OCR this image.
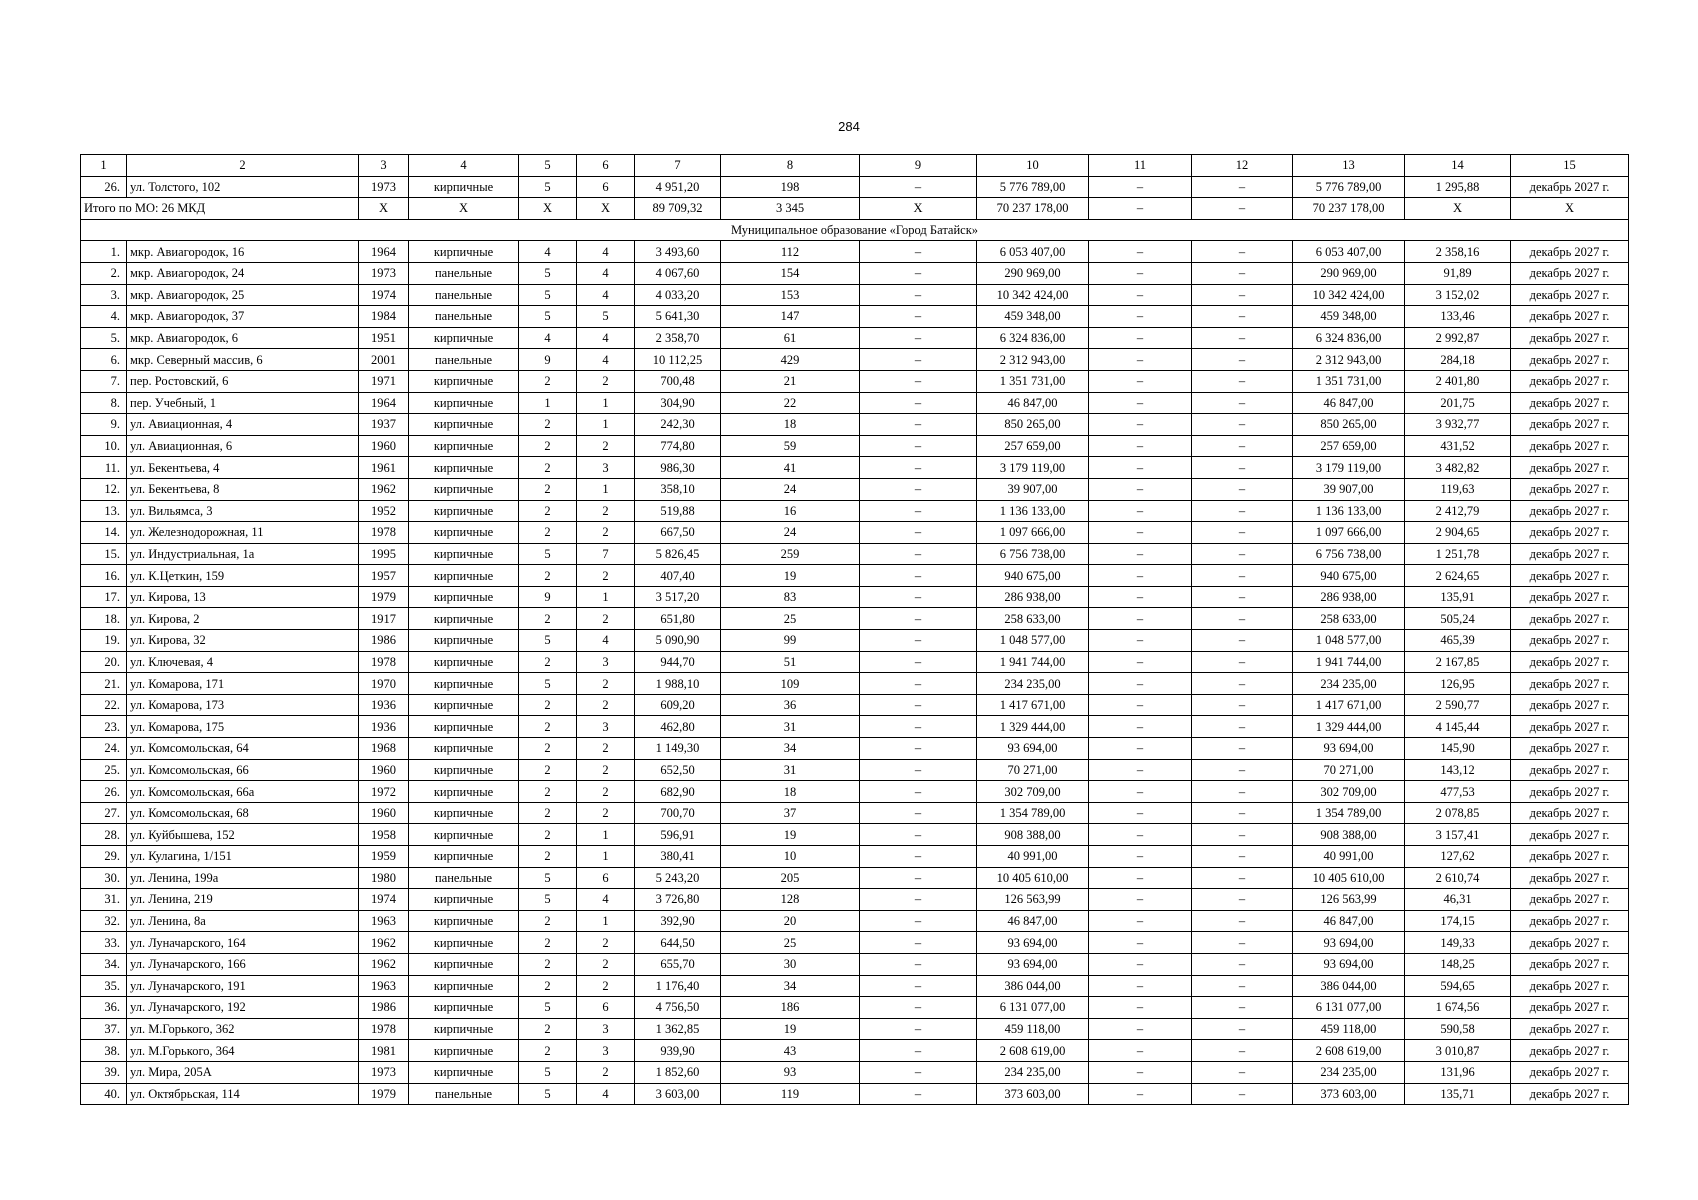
284
1	2	3	4	5	6	7	8	9	10	11	12	13	14	15
26.	ул. Толстого, 102	1973	кирпичные	5	6	4 951,20	198	–	5 776 789,00	–	–	5 776 789,00	1 295,88	декабрь 2027 г.
Итого по МО: 26 МКД		X	X	X	X	89 709,32	3 345	X	70 237 178,00	–	–	70 237 178,00	X	X
Муниципальное образование «Город Батайск»														
1.	мкр. Авиагородок, 16	1964	кирпичные	4	4	3 493,60	112	–	6 053 407,00	–	–	6 053 407,00	2 358,16	декабрь 2027 г.
2.	мкр. Авиагородок, 24	1973	панельные	5	4	4 067,60	154	–	290 969,00	–	–	290 969,00	91,89	декабрь 2027 г.
3.	мкр. Авиагородок, 25	1974	панельные	5	4	4 033,20	153	–	10 342 424,00	–	–	10 342 424,00	3 152,02	декабрь 2027 г.
4.	мкр. Авиагородок, 37	1984	панельные	5	5	5 641,30	147	–	459 348,00	–	–	459 348,00	133,46	декабрь 2027 г.
5.	мкр. Авиагородок, 6	1951	кирпичные	4	4	2 358,70	61	–	6 324 836,00	–	–	6 324 836,00	2 992,87	декабрь 2027 г.
6.	мкр. Северный массив, 6	2001	панельные	9	4	10 112,25	429	–	2 312 943,00	–	–	2 312 943,00	284,18	декабрь 2027 г.
7.	пер. Ростовский, 6	1971	кирпичные	2	2	700,48	21	–	1 351 731,00	–	–	1 351 731,00	2 401,80	декабрь 2027 г.
8.	пер. Учебный, 1	1964	кирпичные	1	1	304,90	22	–	46 847,00	–	–	46 847,00	201,75	декабрь 2027 г.
9.	ул. Авиационная, 4	1937	кирпичные	2	1	242,30	18	–	850 265,00	–	–	850 265,00	3 932,77	декабрь 2027 г.
10.	ул. Авиационная, 6	1960	кирпичные	2	2	774,80	59	–	257 659,00	–	–	257 659,00	431,52	декабрь 2027 г.
11.	ул. Бекентьева, 4	1961	кирпичные	2	3	986,30	41	–	3 179 119,00	–	–	3 179 119,00	3 482,82	декабрь 2027 г.
12.	ул. Бекентьева, 8	1962	кирпичные	2	1	358,10	24	–	39 907,00	–	–	39 907,00	119,63	декабрь 2027 г.
13.	ул. Вильямса, 3	1952	кирпичные	2	2	519,88	16	–	1 136 133,00	–	–	1 136 133,00	2 412,79	декабрь 2027 г.
14.	ул. Железнодорожная, 11	1978	кирпичные	2	2	667,50	24	–	1 097 666,00	–	–	1 097 666,00	2 904,65	декабрь 2027 г.
15.	ул. Индустриальная, 1а	1995	кирпичные	5	7	5 826,45	259	–	6 756 738,00	–	–	6 756 738,00	1 251,78	декабрь 2027 г.
16.	ул. К.Цеткин, 159	1957	кирпичные	2	2	407,40	19	–	940 675,00	–	–	940 675,00	2 624,65	декабрь 2027 г.
17.	ул. Кирова, 13	1979	кирпичные	9	1	3 517,20	83	–	286 938,00	–	–	286 938,00	135,91	декабрь 2027 г.
18.	ул. Кирова, 2	1917	кирпичные	2	2	651,80	25	–	258 633,00	–	–	258 633,00	505,24	декабрь 2027 г.
19.	ул. Кирова, 32	1986	кирпичные	5	4	5 090,90	99	–	1 048 577,00	–	–	1 048 577,00	465,39	декабрь 2027 г.
20.	ул. Ключевая, 4	1978	кирпичные	2	3	944,70	51	–	1 941 744,00	–	–	1 941 744,00	2 167,85	декабрь 2027 г.
21.	ул. Комарова, 171	1970	кирпичные	5	2	1 988,10	109	–	234 235,00	–	–	234 235,00	126,95	декабрь 2027 г.
22.	ул. Комарова, 173	1936	кирпичные	2	2	609,20	36	–	1 417 671,00	–	–	1 417 671,00	2 590,77	декабрь 2027 г.
23.	ул. Комарова, 175	1936	кирпичные	2	3	462,80	31	–	1 329 444,00	–	–	1 329 444,00	4 145,44	декабрь 2027 г.
24.	ул. Комсомольская, 64	1968	кирпичные	2	2	1 149,30	34	–	93 694,00	–	–	93 694,00	145,90	декабрь 2027 г.
25.	ул. Комсомольская, 66	1960	кирпичные	2	2	652,50	31	–	70 271,00	–	–	70 271,00	143,12	декабрь 2027 г.
26.	ул. Комсомольская, 66а	1972	кирпичные	2	2	682,90	18	–	302 709,00	–	–	302 709,00	477,53	декабрь 2027 г.
27.	ул. Комсомольская, 68	1960	кирпичные	2	2	700,70	37	–	1 354 789,00	–	–	1 354 789,00	2 078,85	декабрь 2027 г.
28.	ул. Куйбышева, 152	1958	кирпичные	2	1	596,91	19	–	908 388,00	–	–	908 388,00	3 157,41	декабрь 2027 г.
29.	ул. Кулагина, 1/151	1959	кирпичные	2	1	380,41	10	–	40 991,00	–	–	40 991,00	127,62	декабрь 2027 г.
30.	ул. Ленина, 199а	1980	панельные	5	6	5 243,20	205	–	10 405 610,00	–	–	10 405 610,00	2 610,74	декабрь 2027 г.
31.	ул. Ленина, 219	1974	кирпичные	5	4	3 726,80	128	–	126 563,99	–	–	126 563,99	46,31	декабрь 2027 г.
32.	ул. Ленина, 8а	1963	кирпичные	2	1	392,90	20	–	46 847,00	–	–	46 847,00	174,15	декабрь 2027 г.
33.	ул. Луначарского, 164	1962	кирпичные	2	2	644,50	25	–	93 694,00	–	–	93 694,00	149,33	декабрь 2027 г.
34.	ул. Луначарского, 166	1962	кирпичные	2	2	655,70	30	–	93 694,00	–	–	93 694,00	148,25	декабрь 2027 г.
35.	ул. Луначарского, 191	1963	кирпичные	2	2	1 176,40	34	–	386 044,00	–	–	386 044,00	594,65	декабрь 2027 г.
36.	ул. Луначарского, 192	1986	кирпичные	5	6	4 756,50	186	–	6 131 077,00	–	–	6 131 077,00	1 674,56	декабрь 2027 г.
37.	ул. М.Горького, 362	1978	кирпичные	2	3	1 362,85	19	–	459 118,00	–	–	459 118,00	590,58	декабрь 2027 г.
38.	ул. М.Горького, 364	1981	кирпичные	2	3	939,90	43	–	2 608 619,00	–	–	2 608 619,00	3 010,87	декабрь 2027 г.
39.	ул. Мира, 205А	1973	кирпичные	5	2	1 852,60	93	–	234 235,00	–	–	234 235,00	131,96	декабрь 2027 г.
40.	ул. Октябрьская, 114	1979	панельные	5	4	3 603,00	119	–	373 603,00	–	–	373 603,00	135,71	декабрь 2027 г.
